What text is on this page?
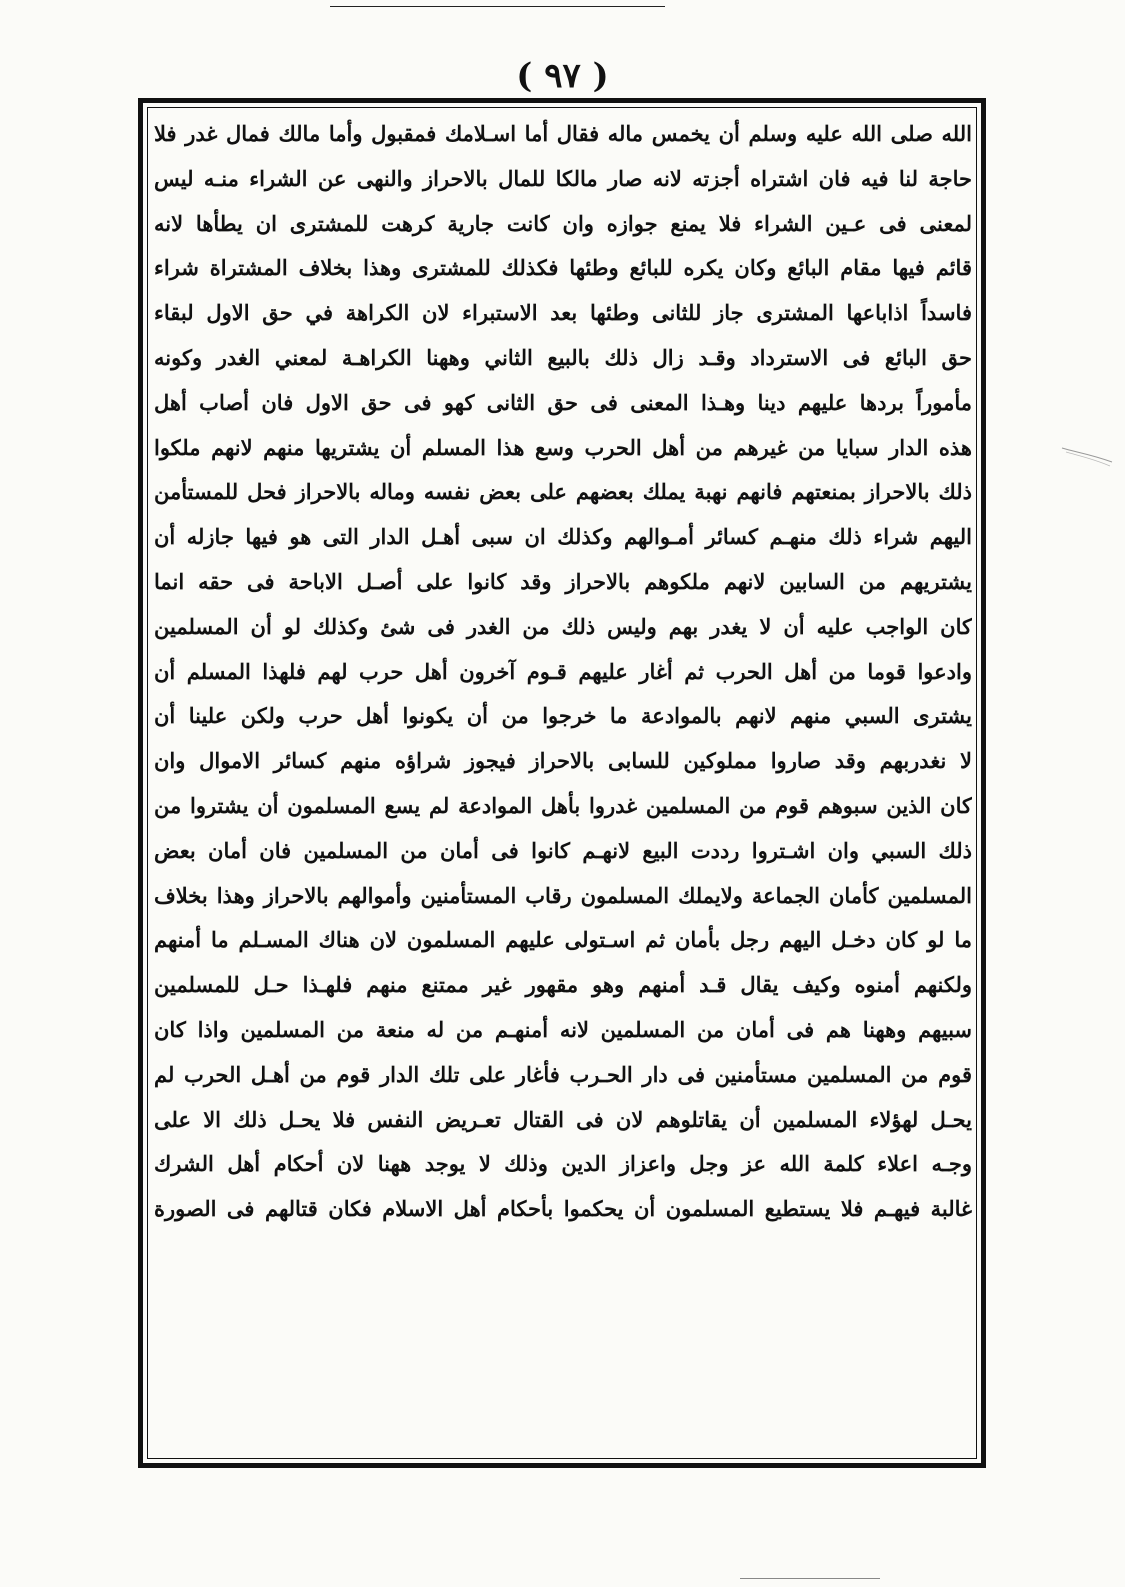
( ٩٧ )
الله صلى الله عليه وسلم أن يخمس ماله فقال أما اسـلامك فمقبول وأما مالك فمال غدر فلا
حاجة لنا فيه فان اشتراه أجزته لانه صار مالكا للمال بالاحراز والنهى عن الشراء منـه ليس
لمعنى فى عـين الشراء فلا يمنع جوازه وان كانت جارية كرهت للمشترى ان يطأها لانه
قائم فيها مقام البائع وكان يكره للبائع وطئها فكذلك للمشترى وهذا بخلاف المشتراة شراء
فاسداً اذاباعها المشترى جاز للثانى وطئها بعد الاستبراء لان الكراهة في حق الاول لبقاء
حق البائع فى الاسترداد وقـد زال ذلك بالبيع الثاني وههنا الكراهـة لمعني الغدر وكونه
مأموراً بردها عليهم دينا وهـذا المعنى فى حق الثانى كهو فى حق الاول فان أصاب أهل
هذه الدار سبايا من غيرهم من أهل الحرب وسع هذا المسلم أن يشتريها منهم لانهم ملكوا
ذلك بالاحراز بمنعتهم فانهم نهبة يملك بعضهم على بعض نفسه وماله بالاحراز فحل للمستأمن
اليهم شراء ذلك منهـم كسائر أمـوالهم وكذلك ان سبى أهـل الدار التى هو فيها جازله أن
يشتريهم من السابين لانهم ملكوهم بالاحراز وقد كانوا على أصـل الاباحة فى حقه انما
كان الواجب عليه أن لا يغدر بهم وليس ذلك من الغدر فى شئ وكذلك لو أن المسلمين
وادعوا قوما من أهل الحرب ثم أغار عليهم قـوم آخرون أهل حرب لهم فلهذا المسلم أن
يشترى السبي منهم لانهم بالموادعة ما خرجوا من أن يكونوا أهل حرب ولكن علينا أن
لا نغدربهم وقد صاروا مملوكين للسابى بالاحراز فيجوز شراؤه منهم كسائر الاموال وان
كان الذين سبوهم قوم من المسلمين غدروا بأهل الموادعة لم يسع المسلمون أن يشتروا من
ذلك السبي وان اشـتروا رددت البيع لانهـم كانوا فى أمان من المسلمين فان أمان بعض
المسلمين كأمان الجماعة ولايملك المسلمون رقاب المستأمنين وأموالهم بالاحراز وهذا بخلاف
ما لو كان دخـل اليهم رجل بأمان ثم اسـتولى عليهم المسلمون لان هناك المسـلم ما أمنهم
ولكنهم أمنوه وكيف يقال قـد أمنهم وهو مقهور غير ممتنع منهم فلهـذا حـل للمسلمين
سبيهم وههنا هم فى أمان من المسلمين لانه أمنهـم من له منعة من المسلمين واذا كان
قوم من المسلمين مستأمنين فى دار الحـرب فأغار على تلك الدار قوم من أهـل الحرب لم
يحـل لهؤلاء المسلمين أن يقاتلوهم لان فى القتال تعـريض النفس فلا يحـل ذلك الا على
وجـه اعلاء كلمة الله عز وجل واعزاز الدين وذلك لا يوجد ههنا لان أحكام أهل الشرك
غالبة فيهـم فلا يستطيع المسلمون أن يحكموا بأحكام أهل الاسلام فكان قتالهم فى الصورة
